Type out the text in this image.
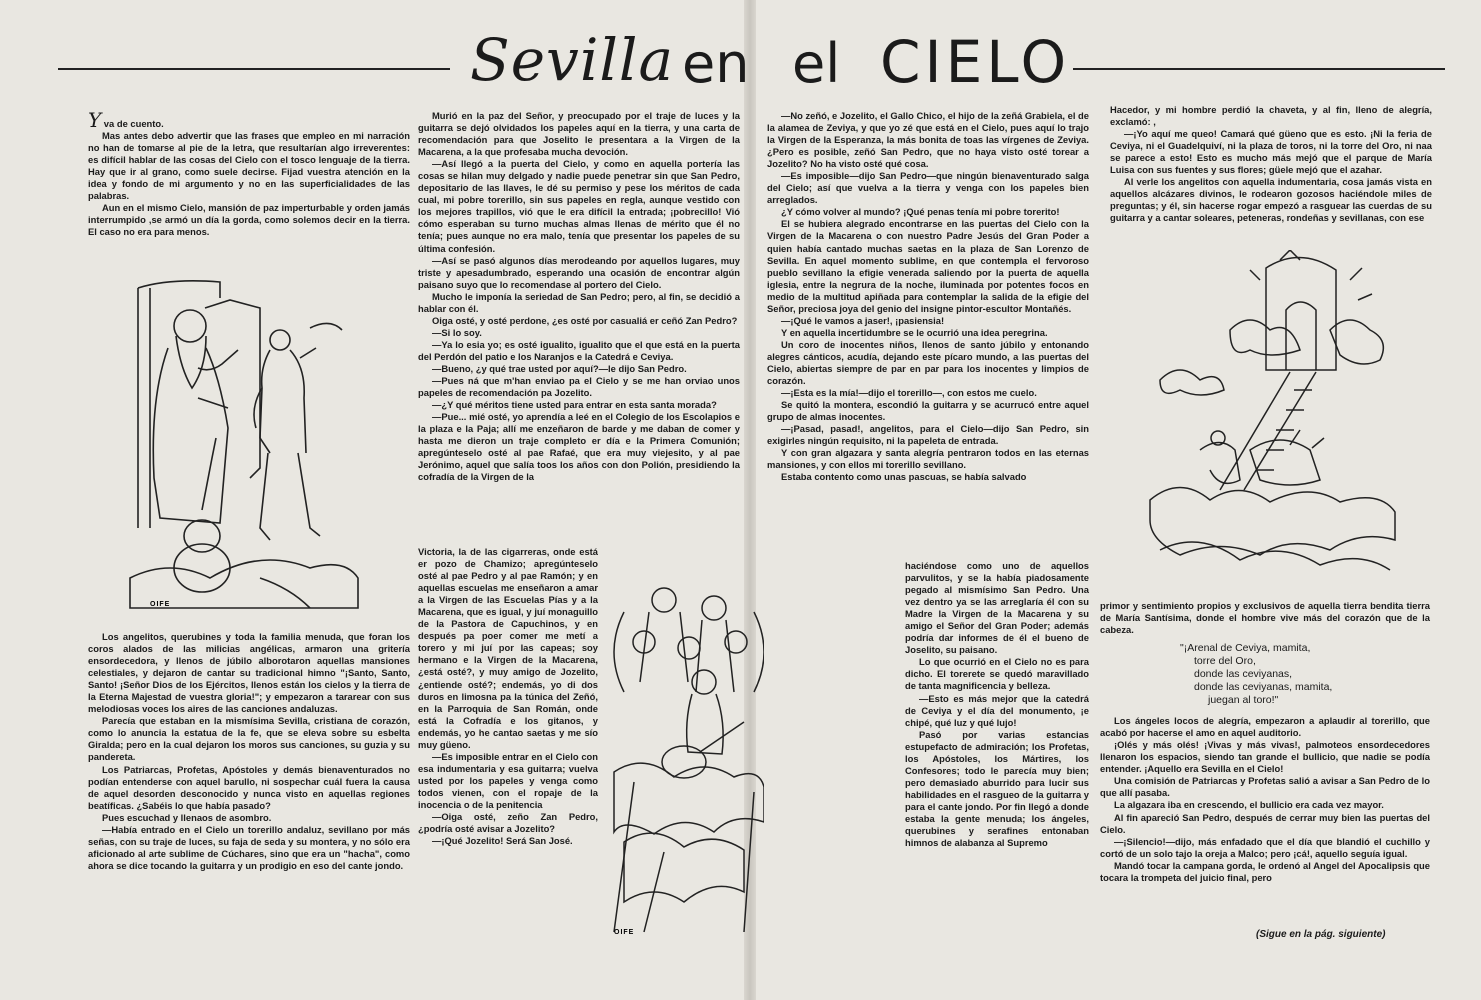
Sevilla en el CIELO

Y va de cuento.

Mas antes debo advertir que las frases que empleo en mi narración no han de tomarse al pie de la letra, que resultarían algo irreverentes: es difícil hablar de las cosas del Cielo con el tosco lenguaje de la tierra. Hay que ir al grano, como suele decirse. Fijad vuestra atención en la idea y fondo de mi argumento y no en las superficialidades de las palabras.

Aun en el mismo Cielo, mansión de paz imperturbable y orden jamás interrumpido ,se armó un día la gorda, como solemos decir en la tierra. El caso no era para menos.

OIFE

Los angelitos, querubines y toda la familia menuda, que foran los coros alados de las milicias angélicas, armaron una gritería ensordecedora, y llenos de júbilo alborotaron aquellas mansiones celestiales, y dejaron de cantar su tradicional himno "¡Santo, Santo, Santo! ¡Señor Dios de los Ejércitos, llenos están los cielos y la tierra de la Eterna Majestad de vuestra gloria!"; y empezaron a tararear con sus melodiosas voces los aires de las canciones andaluzas.

Parecía que estaban en la mismísima Sevilla, cristiana de corazón, como lo anuncia la estatua de la fe, que se eleva sobre su esbelta Giralda; pero en la cual dejaron los moros sus canciones, su guzia y su pandereta.

Los Patriarcas, Profetas, Apóstoles y demás bienaventurados no podían entenderse con aquel barullo, ni sospechar cuál fuera la causa de aquel desorden desconocido y nunca visto en aquellas regiones beatíficas. ¿Sabéis lo que había pasado?

Pues escuchad y llenaos de asombro.

—Había entrado en el Cielo un torerillo andaluz, sevillano por más señas, con su traje de luces, su faja de seda y su montera, y no sólo era aficionado al arte sublime de Cúchares, sino que era un "hacha", como ahora se dice tocando la guitarra y un prodigio en eso del cante jondo.

Murió en la paz del Señor, y preocupado por el traje de luces y la guitarra se dejó olvidados los papeles aquí en la tierra, y una carta de recomendación para que Joselito le presentara a la Virgen de la Macarena, a la que profesaba mucha devoción.

—Así llegó a la puerta del Cielo, y como en aquella portería las cosas se hilan muy delgado y nadie puede penetrar sin que San Pedro, depositario de las llaves, le dé su permiso y pese los méritos de cada cual, mi pobre torerillo, sin sus papeles en regla, aunque vestido con los mejores trapillos, vió que le era difícil la entrada; ¡pobrecillo! Vió cómo esperaban su turno muchas almas llenas de mérito que él no tenía; pues aunque no era malo, tenía que presentar los papeles de su última confesión.

—Así se pasó algunos días merodeando por aquellos lugares, muy triste y apesadumbrado, esperando una ocasión de encontrar algún paisano suyo que lo recomendase al portero del Cielo.

Mucho le imponía la seriedad de San Pedro; pero, al fin, se decidió a hablar con él.

Oiga osté, y osté perdone, ¿es osté por casualiá er ceñó Zan Pedro?

—Si lo soy.

—Ya lo esia yo; es osté igualito, igualito que el que está en la puerta del Perdón del patio e los Naranjos e la Catedrá e Ceviya.

—Bueno, ¿y qué trae usted por aquí?—le dijo San Pedro.

—Pues ná que m'han enviao pa el Cielo y se me han orviao unos papeles de recomendación pa Jozelito.

—¿Y qué méritos tiene usted para entrar en esta santa morada?

—Pue... mié osté, yo aprendía a leé en el Colegio de los Escolapios e la plaza e la Paja; allí me enzeñaron de barde y me daban de comer y hasta me dieron un traje completo er día e la Primera Comunión; apregúnteselo osté al pae Rafaé, que era muy viejesito, y al pae Jerónimo, aquel que salía toos los años con don Polión, presidiendo la cofradía de la Virgen de la

Victoria, la de las cigarreras, onde está er pozo de Chamizo; apregúnteselo osté al pae Pedro y al pae Ramón; y en aquellas escuelas me enseñaron a amar a la Virgen de las Escuelas Pías y a la Macarena, que es igual, y juí monaguillo de la Pastora de Capuchinos, y en después pa poer comer me metí a torero y mi juí por las capeas; soy hermano e la Virgen de la Macarena, ¿está osté?, y muy amigo de Jozelito, ¿entiende osté?; endemás, yo di dos duros en limosna pa la túnica del Zeñó, en la Parroquia de San Román, onde está la Cofradía e los gitanos, y endemás, yo he cantao saetas y me sío muy güeno.

—Es imposible entrar en el Cielo con esa indumentaria y esa guitarra; vuelva usted por los papeles y venga como todos vienen, con el ropaje de la inocencia o de la penitencia

—Oiga osté, zeño Zan Pedro, ¿podría osté avisar a Jozelito?

—¡Qué Jozelito! Será San José.

OIFE

—No zeñó, e Jozelito, el Gallo Chico, el hijo de la zeñá Grabiela, el de la alamea de Zeviya, y que yo zé que está en el Cielo, pues aquí lo trajo la Virgen de la Esperanza, la más bonita de toas las vírgenes de Zeviya. ¿Pero es posible, zeñó San Pedro, que no haya visto osté torear a Jozelito? No ha visto osté qué cosa.

—Es imposible—dijo San Pedro—que ningún bienaventurado salga del Cielo; así que vuelva a la tierra y venga con los papeles bien arreglados.

¿Y cómo volver al mundo? ¡Qué penas tenía mi pobre torerito!

El se hubiera alegrado encontrarse en las puertas del Cielo con la Virgen de la Macarena o con nuestro Padre Jesús del Gran Poder a quien había cantado muchas saetas en la plaza de San Lorenzo de Sevilla. En aquel momento sublime, en que contempla el fervoroso pueblo sevillano la efigie venerada saliendo por la puerta de aquella iglesia, entre la negrura de la noche, iluminada por potentes focos en medio de la multitud apiñada para contemplar la salida de la efigie del Señor, preciosa joya del genio del insigne pintor-escultor Montañés.

—¡Qué le vamos a jaser!, ¡pasiensia!

Y en aquella incertidumbre se le ocurrió una idea peregrina.

Un coro de inocentes niños, llenos de santo júbilo y entonando alegres cánticos, acudía, dejando este pícaro mundo, a las puertas del Cielo, abiertas siempre de par en par para los inocentes y limpios de corazón.

—¡Esta es la mía!—dijo el torerillo—, con estos me cuelo.

Se quitó la montera, escondió la guitarra y se acurrucó entre aquel grupo de almas inocentes.

—¡Pasad, pasad!, angelitos, para el Cielo—dijo San Pedro, sin exigirles ningún requisito, ni la papeleta de entrada.

Y con gran algazara y santa alegría pentraron todos en las eternas mansiones, y con ellos mi torerillo sevillano.

Estaba contento como unas pascuas, se había salvado

haciéndose como uno de aquellos parvulitos, y se la había piadosamente pegado al mismísimo San Pedro. Una vez dentro ya se las arreglaría él con su Madre la Virgen de la Macarena y su amigo el Señor del Gran Poder; además podría dar informes de él el bueno de Joselito, su paisano.

Lo que ocurrió en el Cielo no es para dicho. El toreretе se quedó maravillado de tanta magnificencia y belleza.

—Esto es más mejor que la catedrá de Ceviya y el día del monumento, ¡e chipé, qué luz y qué lujo!

Pasó por varias estancias estupefacto de admiración; los Profetas, los Apóstoles, los Mártires, los Confesores; todo le parecía muy bien; pero demasiado aburrido para lucir sus habilidades en el rasgueo de la guitarra y para el cante jondo. Por fin llegó a donde estaba la gente menuda; los ángeles, querubines y serafines entonaban himnos de alabanza al Supremo

Hacedor, y mi hombre perdió la chaveta, y al fin, lleno de alegría, exclamó: ,

—¡Yo aquí me queo! Camará qué güeno que es esto. ¡Ni la feria de Ceviya, ni el Guadelquiví, ni la plaza de toros, ni la torre del Oro, ni naa se parece a esto! Esto es mucho más mejó que el parque de María Luisa con sus fuentes y sus flores; güele mejó que el azahar.

Al verle los angelitos con aquella indumentaria, cosa jamás vista en aquellos alcázares divinos, le rodearon gozosos haciéndole miles de preguntas; y él, sin hacerse rogar empezó a rasguear las cuerdas de su guitarra y a cantar soleares, peteneras, rondeñas y sevillanas, con ese

primor y sentimiento propios y exclusivos de aquella tierra bendita tierra de María Santísima, donde el hombre vive más del corazón que de la cabeza.

"¡Arenal de Ceviya, mamita,
torre del Oro,
donde las ceviyanas,
donde las ceviyanas, mamita,
juegan al toro!"

Los ángeles locos de alegría, empezaron a aplaudir al torerillo, que acabó por hacerse el amo en aquel auditorio.

¡Olés y más olés! ¡Vivas y más vivas!, palmoteos ensordecedores llenaron los espacios, siendo tan grande el bullicio, que nadie se podía entender. ¡Aquello era Sevilla en el Cielo!

Una comisión de Patriarcas y Profetas salió a avisar a San Pedro de lo que allí pasaba.

La algazara iba en crescendo, el bullicio era cada vez mayor.

Al fin apareció San Pedro, después de cerrar muy bien las puertas del Cielo.

—¡Silencio!—dijo, más enfadado que el día que blandió el cuchillo y cortó de un solo tajo la oreja a Malco; pero ¡cá!, aquello seguía igual.

Mandó tocar la campana gorda, le ordenó al Angel del Apocalipsis que tocara la trompeta del juicio final, pero

(Sigue en la pág. siguiente)
